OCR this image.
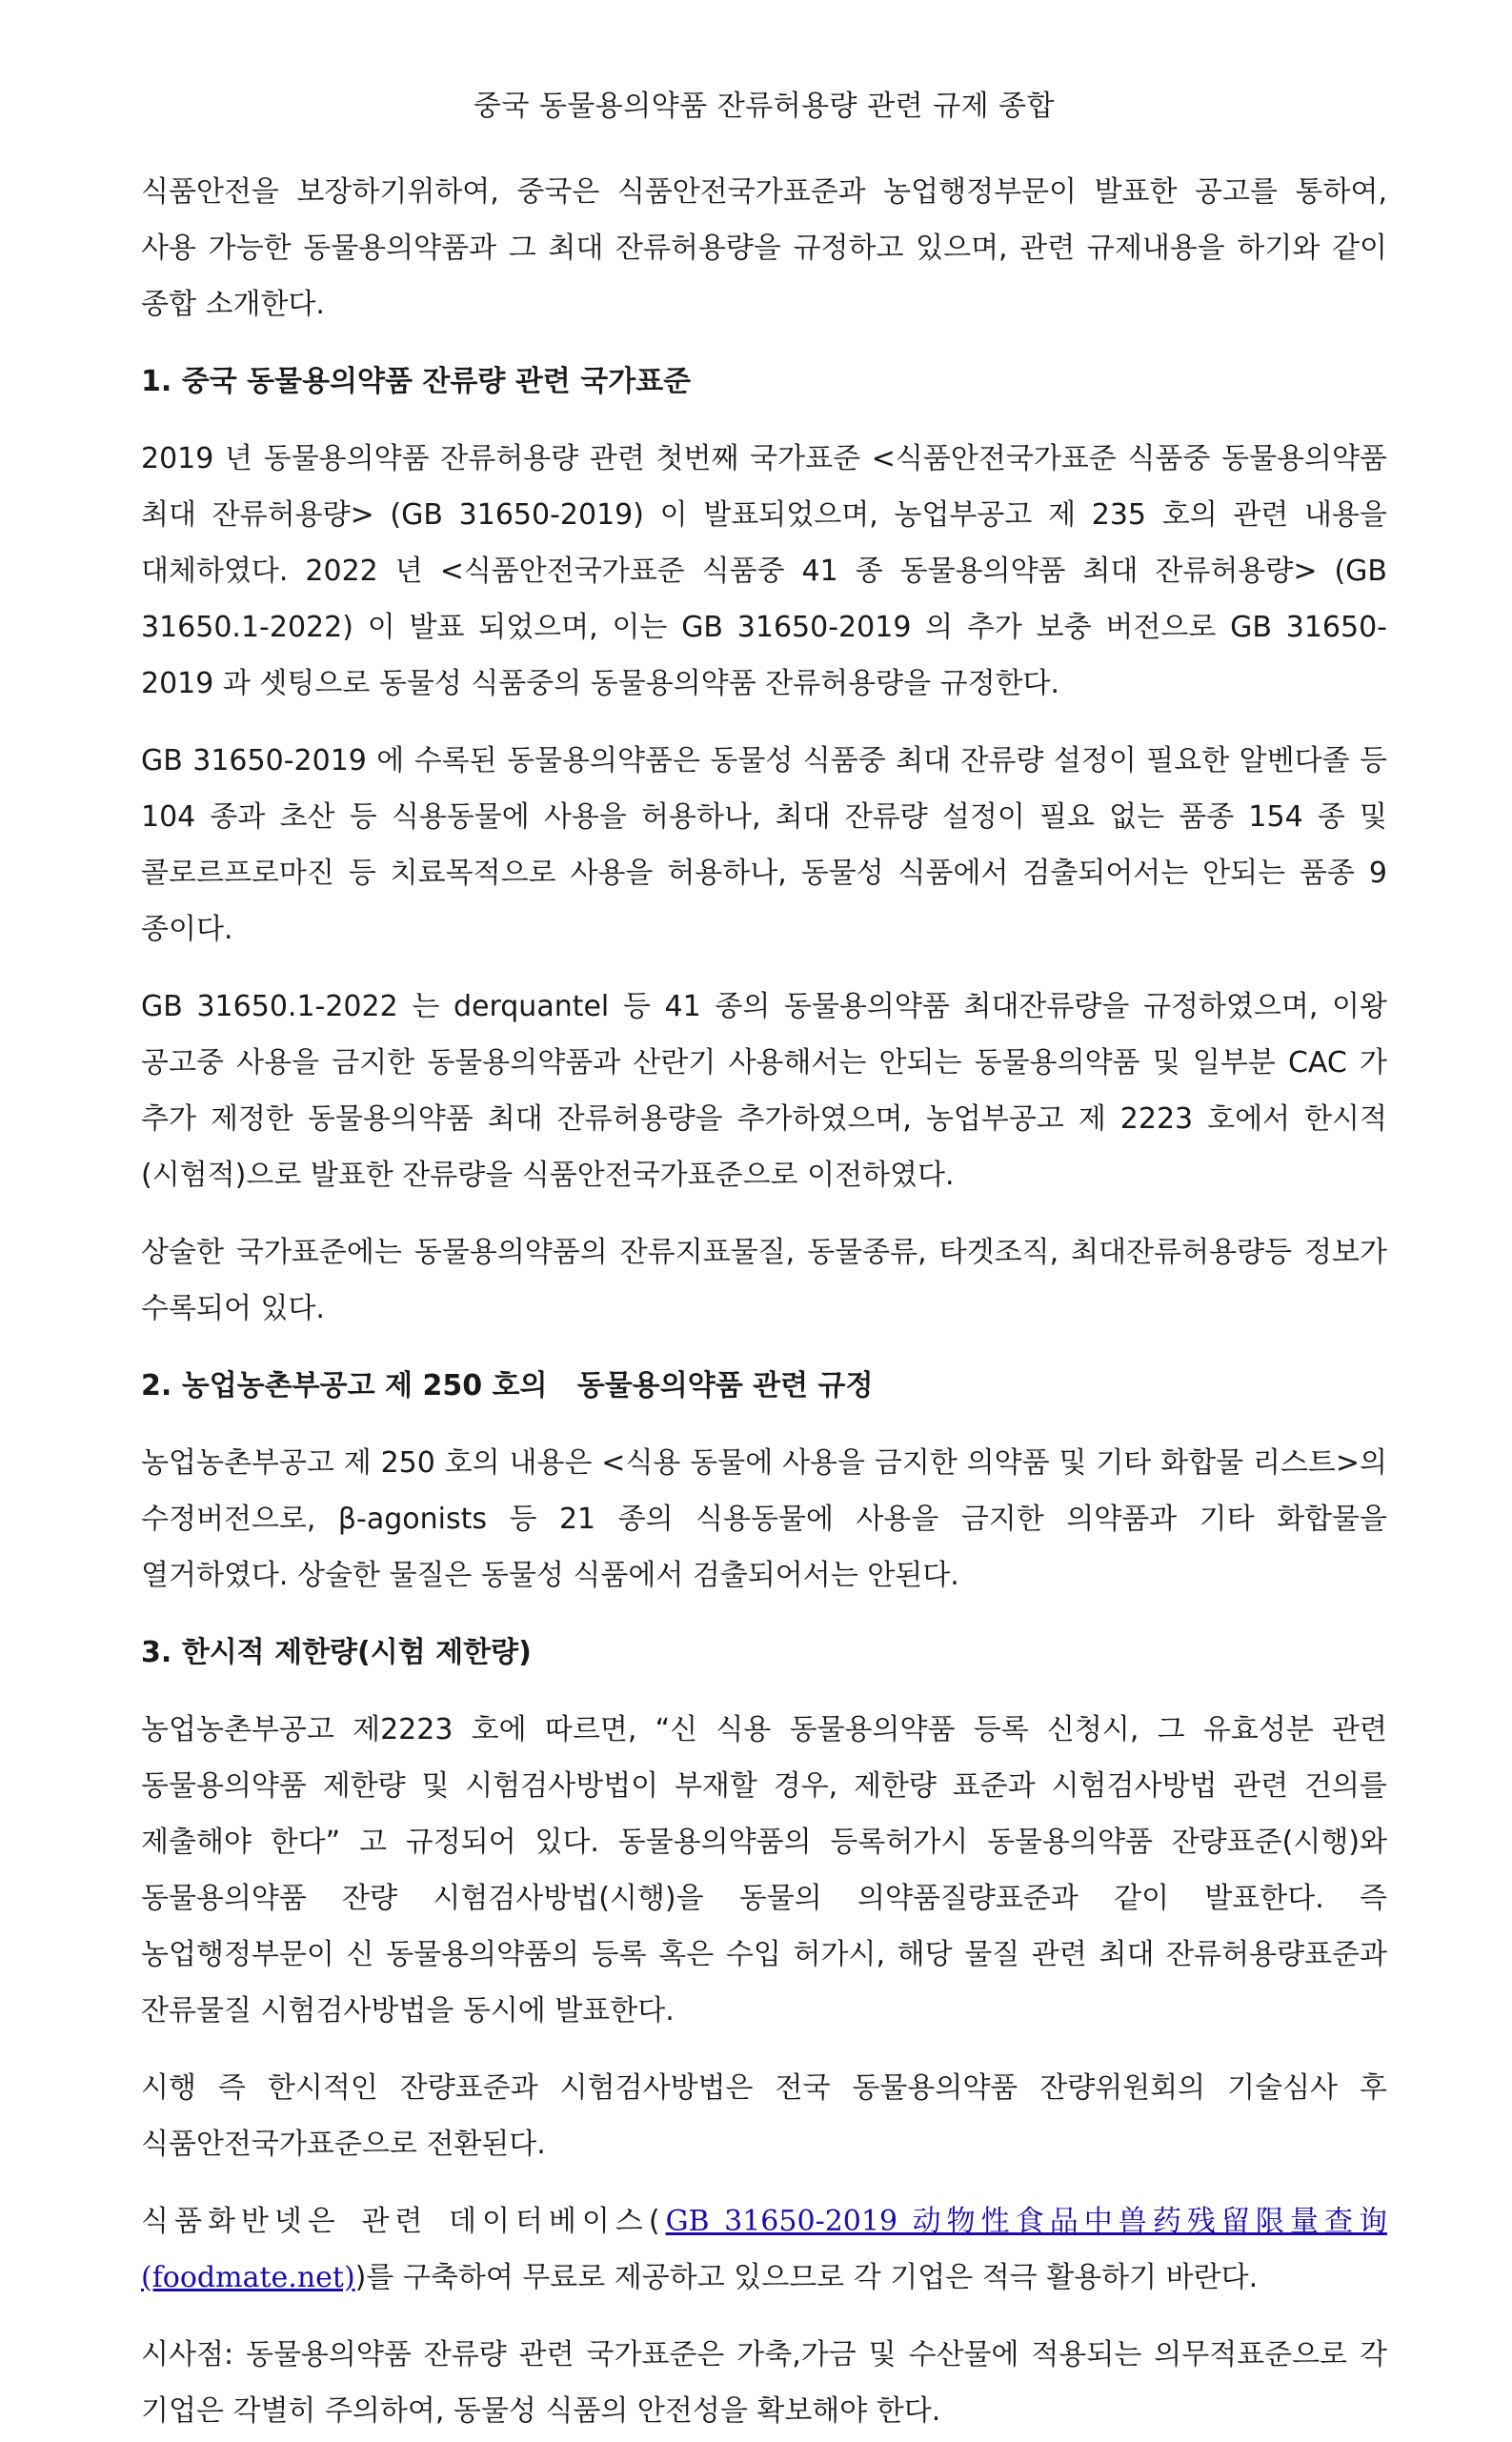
중국 동물용의약품 잔류허용량 관련 규제 종합

식품안전을 보장하기위하여, 중국은 식품안전국가표준과 농업행정부문이 발표한 공고를 통하여, 사용 가능한 동물용의약품과 그 최대 잔류허용량을 규정하고 있으며, 관련 규제내용을 하기와 같이 종합 소개한다.

1. 중국 동물용의약품 잔류량 관련 국가표준

2019 년 동물용의약품 잔류허용량 관련 첫번째 국가표준 <식품안전국가표준 식품중 동물용의약품 최대 잔류허용량> (GB 31650-2019) 이 발표되었으며, 농업부공고 제 235 호의 관련 내용을 대체하였다. 2022 년 <식품안전국가표준 식품중 41 종 동물용의약품 최대 잔류허용량> (GB 31650.1-2022) 이 발표 되었으며, 이는 GB 31650-2019 의 추가 보충 버전으로 GB 31650-2019 과 셋팅으로 동물성 식품중의 동물용의약품 잔류허용량을 규정한다.

GB 31650-2019 에 수록된 동물용의약품은 동물성 식품중 최대 잔류량 설정이 필요한 알벤다졸 등 104 종과 초산 등 식용동물에 사용을 허용하나, 최대 잔류량 설정이 필요 없는 품종 154 종 및 콜로르프로마진 등 치료목적으로 사용을 허용하나, 동물성 식품에서 검출되어서는 안되는 품종 9 종이다.

GB 31650.1-2022 는 derquantel 등 41 종의 동물용의약품 최대잔류량을 규정하였으며, 이왕 공고중 사용을 금지한 동물용의약품과 산란기 사용해서는 안되는 동물용의약품 및 일부분 CAC 가 추가 제정한 동물용의약품 최대 잔류허용량을 추가하였으며, 농업부공고 제 2223 호에서 한시적(시험적)으로 발표한 잔류량을 식품안전국가표준으로 이전하였다.

상술한 국가표준에는 동물용의약품의 잔류지표물질, 동물종류, 타겟조직, 최대잔류허용량등 정보가 수록되어 있다.

2. 농업농촌부공고 제 250 호의   동물용의약품 관련 규정

농업농촌부공고 제 250 호의 내용은 <식용 동물에 사용을 금지한 의약품 및 기타 화합물 리스트>의 수정버전으로, β-agonists 등 21 종의 식용동물에 사용을 금지한 의약품과 기타 화합물을 열거하였다. 상술한 물질은 동물성 식품에서 검출되어서는 안된다.

3. 한시적 제한량(시험 제한량)

농업농촌부공고 제2223 호에 따르면, “신 식용 동물용의약품 등록 신청시, 그 유효성분 관련 동물용의약품 제한량 및 시험검사방법이 부재할 경우, 제한량 표준과 시험검사방법 관련 건의를 제출해야 한다” 고 규정되어 있다. 동물용의약품의 등록허가시 동물용의약품 잔량표준(시행)와 동물용의약품 잔량 시험검사방법(시행)을 동물의 의약품질량표준과 같이 발표한다. 즉 농업행정부문이 신 동물용의약품의 등록 혹은 수입 허가시, 해당 물질 관련 최대 잔류허용량표준과 잔류물질 시험검사방법을 동시에 발표한다.

시행 즉 한시적인 잔량표준과 시험검사방법은 전국 동물용의약품 잔량위원회의 기술심사 후 식품안전국가표준으로 전환된다.

식품화반넷은 관련 데이터베이스(GB 31650-2019 动物性食品中兽药残留限量查询(foodmate.net))를 구축하여 무료로 제공하고 있으므로 각 기업은 적극 활용하기 바란다.

시사점: 동물용의약품 잔류량 관련 국가표준은 가축,가금 및 수산물에 적용되는 의무적표준으로 각 기업은 각별히 주의하여, 동물성 식품의 안전성을 확보해야 한다.
